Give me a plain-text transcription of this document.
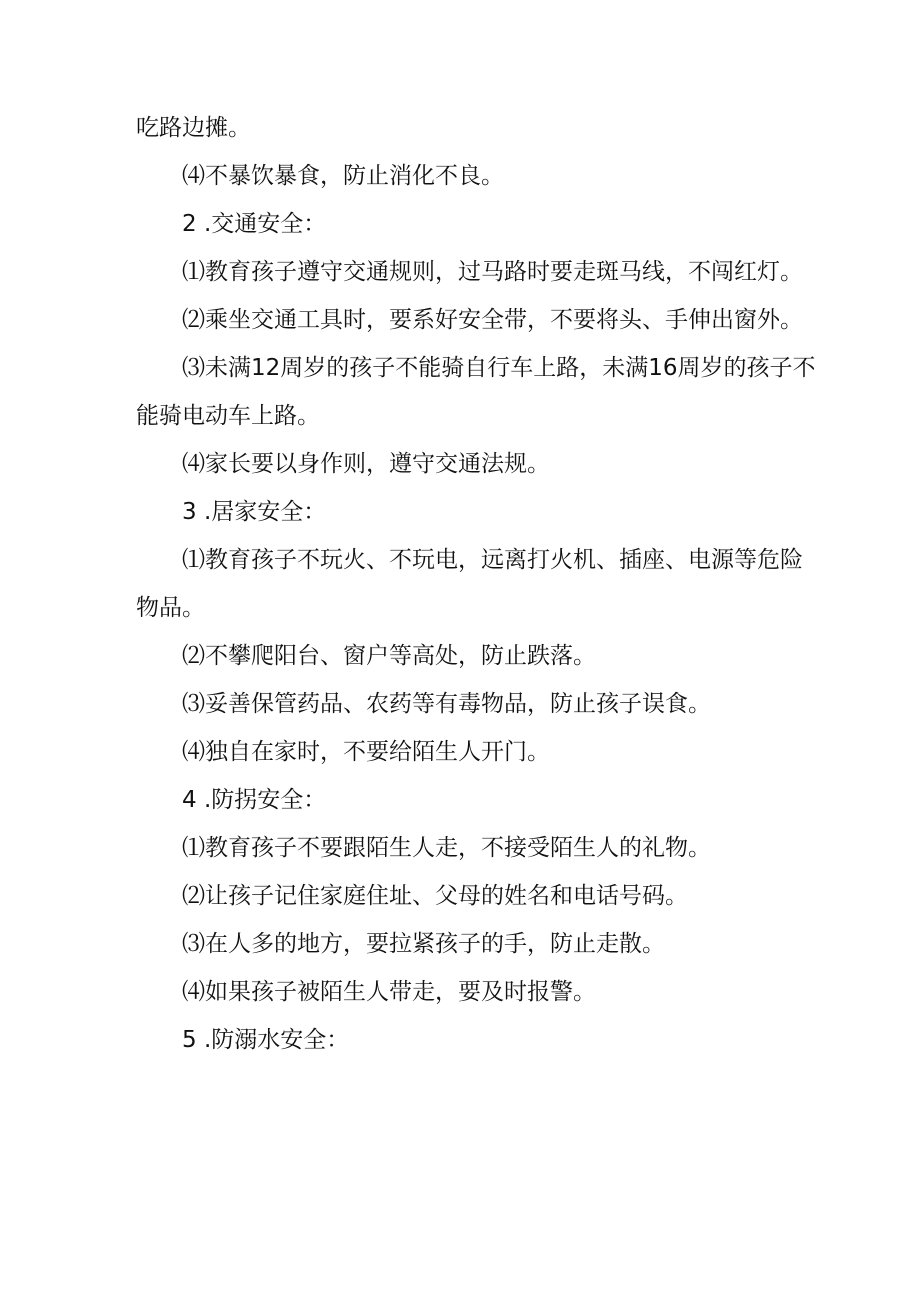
吃路边摊。

⑷不暴饮暴食，防止消化不良。

2 .交通安全：

⑴教育孩子遵守交通规则，过马路时要走斑马线，不闯红灯。

⑵乘坐交通工具时，要系好安全带，不要将头、手伸出窗外。

⑶未满12周岁的孩子不能骑自行车上路，未满16周岁的孩子不能骑电动车上路。

⑷家长要以身作则，遵守交通法规。

3 .居家安全：

⑴教育孩子不玩火、不玩电，远离打火机、插座、电源等危险物品。

⑵不攀爬阳台、窗户等高处，防止跌落。

⑶妥善保管药品、农药等有毒物品，防止孩子误食。

⑷独自在家时，不要给陌生人开门。

4 .防拐安全：

⑴教育孩子不要跟陌生人走，不接受陌生人的礼物。

⑵让孩子记住家庭住址、父母的姓名和电话号码。

⑶在人多的地方，要拉紧孩子的手，防止走散。

⑷如果孩子被陌生人带走，要及时报警。

5 .防溺水安全：
